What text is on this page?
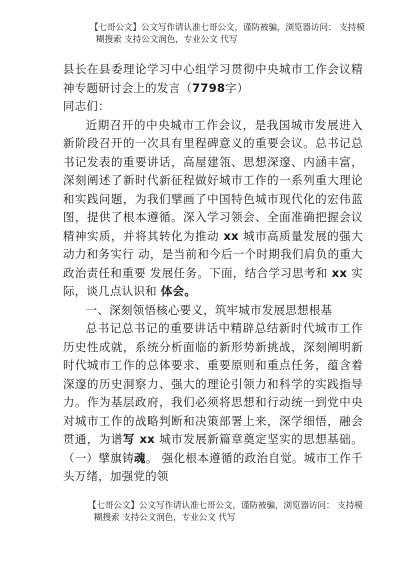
【七哥公文】公文写作请认准七哥公文，谨防被骗，浏览器访问： 支持模
糊搜索 支持公文润色，专业公文 代写

县长在县委理论学习中心组学习贯彻中央城市工作会议精神专题研讨会上的发言（7798字）

同志们：

近期召开的中央城市工作会议，是我国城市发展进入新阶段召开的一次具有里程碑意义的重要会议。总书记总书记发表的重要讲话，高屋建瓴、思想深邃、内涵丰富，深刻阐述了新时代新征程做好城市工作的一系列重大理论和实践问题，为我们擘画了中国特色城市现代化的宏伟蓝图，提供了根本遵循。深入学习领会、全面准确把握会议精神实质，并将其转化为推动 xx 城市高质量发展的强大动力和务实行 动，是当前和今后一个时期我们肩负的重大政治责任和重要 发展任务。下面，结合学习思考和 xx 实际，谈几点认识和 体会。

一、深刻领悟核心要义，筑牢城市发展思想根基

总书记总书记的重要讲话中精辟总结新时代城市工作历史性成就，系统分析面临的新形势新挑战，深刻阐明新时代城市工作的总体要求、重要原则和重点任务，蕴含着深邃的历史洞察力、强大的理论引领力和科学的实践指导力。作为基层政府，我们必须将思想和行动统一到党中央对城市工作的战略判断和决策部署上来，深学细悟，融会贯通，为谱写 xx 城市发展新篇章奠定坚实的思想基础。（一）擘旗铸魂。 强化根本遵循的政治自觉。城市工作千头万绪，加强党的领

【七哥公文】公文写作请认准七哥公文，谨防被骗，浏览器访问： 支持模
糊搜索 支持公文润色，专业公文 代写
